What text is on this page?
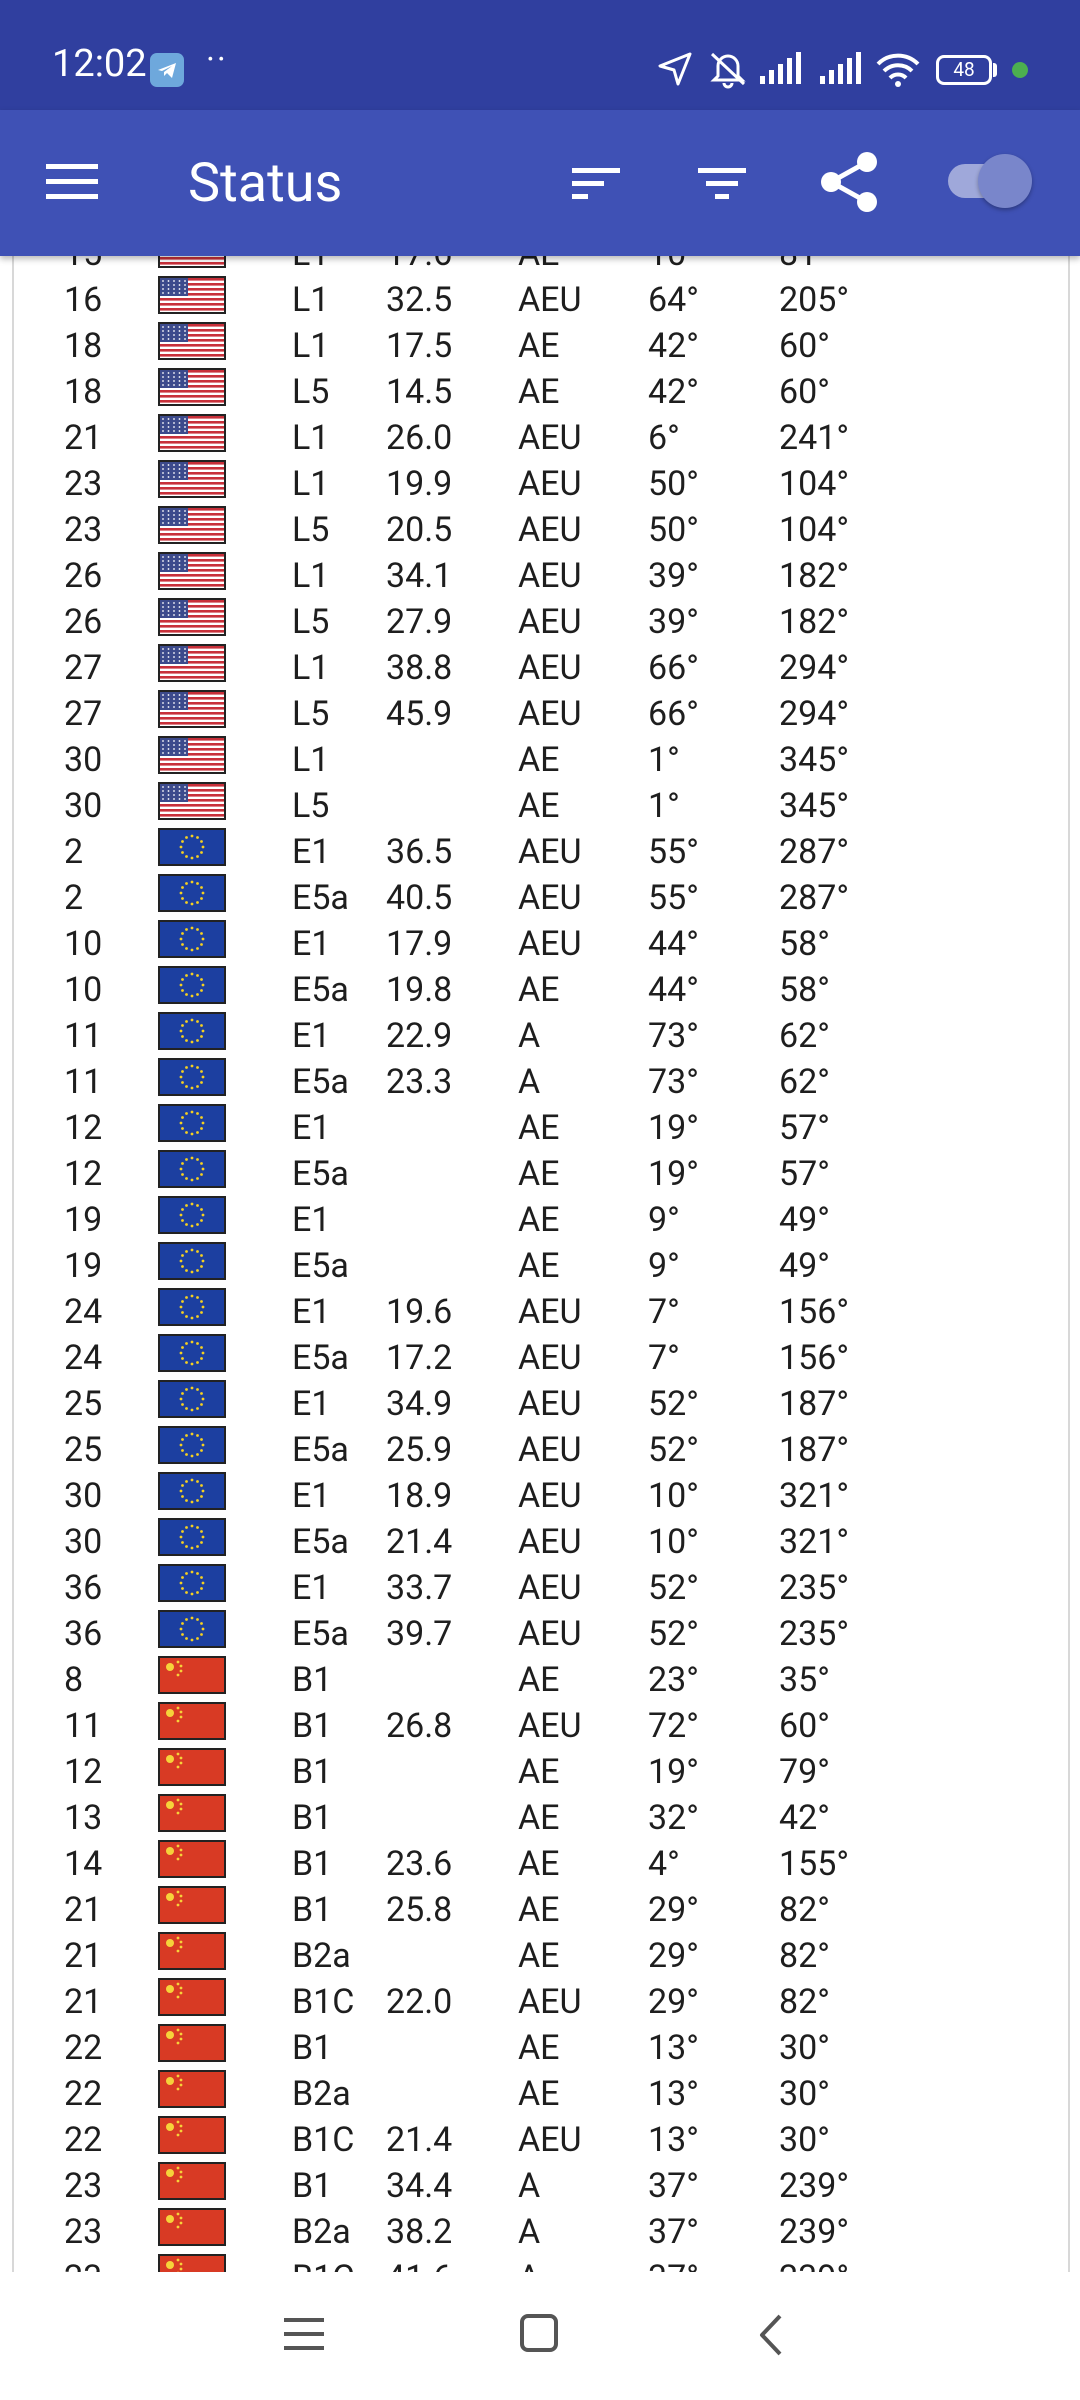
12:02 ··	48
Status
16	L1 32.5 AEU 64° 205°
18	L1 17.5 AE	42° 60°
18	L5 14.5 AE	42° 60°
21	L1 26.0 AEU 6°	241°
23	L1 19.9 AEU 50° 104°
23	L5 20.5 AEU 50° 104°
26	L1 34.1 AEU 39° 182°
26	L5 27.9 AEU 39° 182°
27	L1 38.8 AEU 66° 294°
27	L5 45.9 AEU 66° 294°
30	L1	AE	1°	345°
30	L5	AE	1°	345°
2	E1 36.5 AEU 55° 287°
2	E5a 40.5 AEU 55° 287°
10	E1 17.9 AEU 44° 58°
10	E5a 19.8 AE	44° 58°
11	E1 22.9 A	73° 62°
11	E5a 23.3 A	73° 62°
12	E1	AE	19° 57°
12	E5a	AE	19° 57°
19	E1	AE	9°	49°
19	E5a	AE	9°	49°
24	E1 19.6 AEU 7°	156°
24	E5a 17.2 AEU 7°	156°
25	E1 34.9 AEU 52° 187°
25	E5a 25.9 AEU 52° 187°
30	E1 18.9 AEU 10° 321°
30	E5a 21.4 AEU 10° 321°
36	E1 33.7 AEU 52° 235°
36	E5a 39.7 AEU 52° 235°
8	B1	AE	23° 35°
11	B1 26.8 AEU 72° 60°
12	B1	AE	19° 79°
13	B1	AE	32° 42°
14	B1 23.6 AE	4°	155°
21	B1 25.8 AE	29° 82°
21	B2a	AE	29° 82°
21	B1C 22.0 AEU 29° 82°
22	B1	AE	13° 30°
22	B2a	AE	13° 30°
22	B1C 21.4 AEU 13° 30°
23	B1 34.4 A	37° 239°
23	B2a 38.2 A	37° 239°
